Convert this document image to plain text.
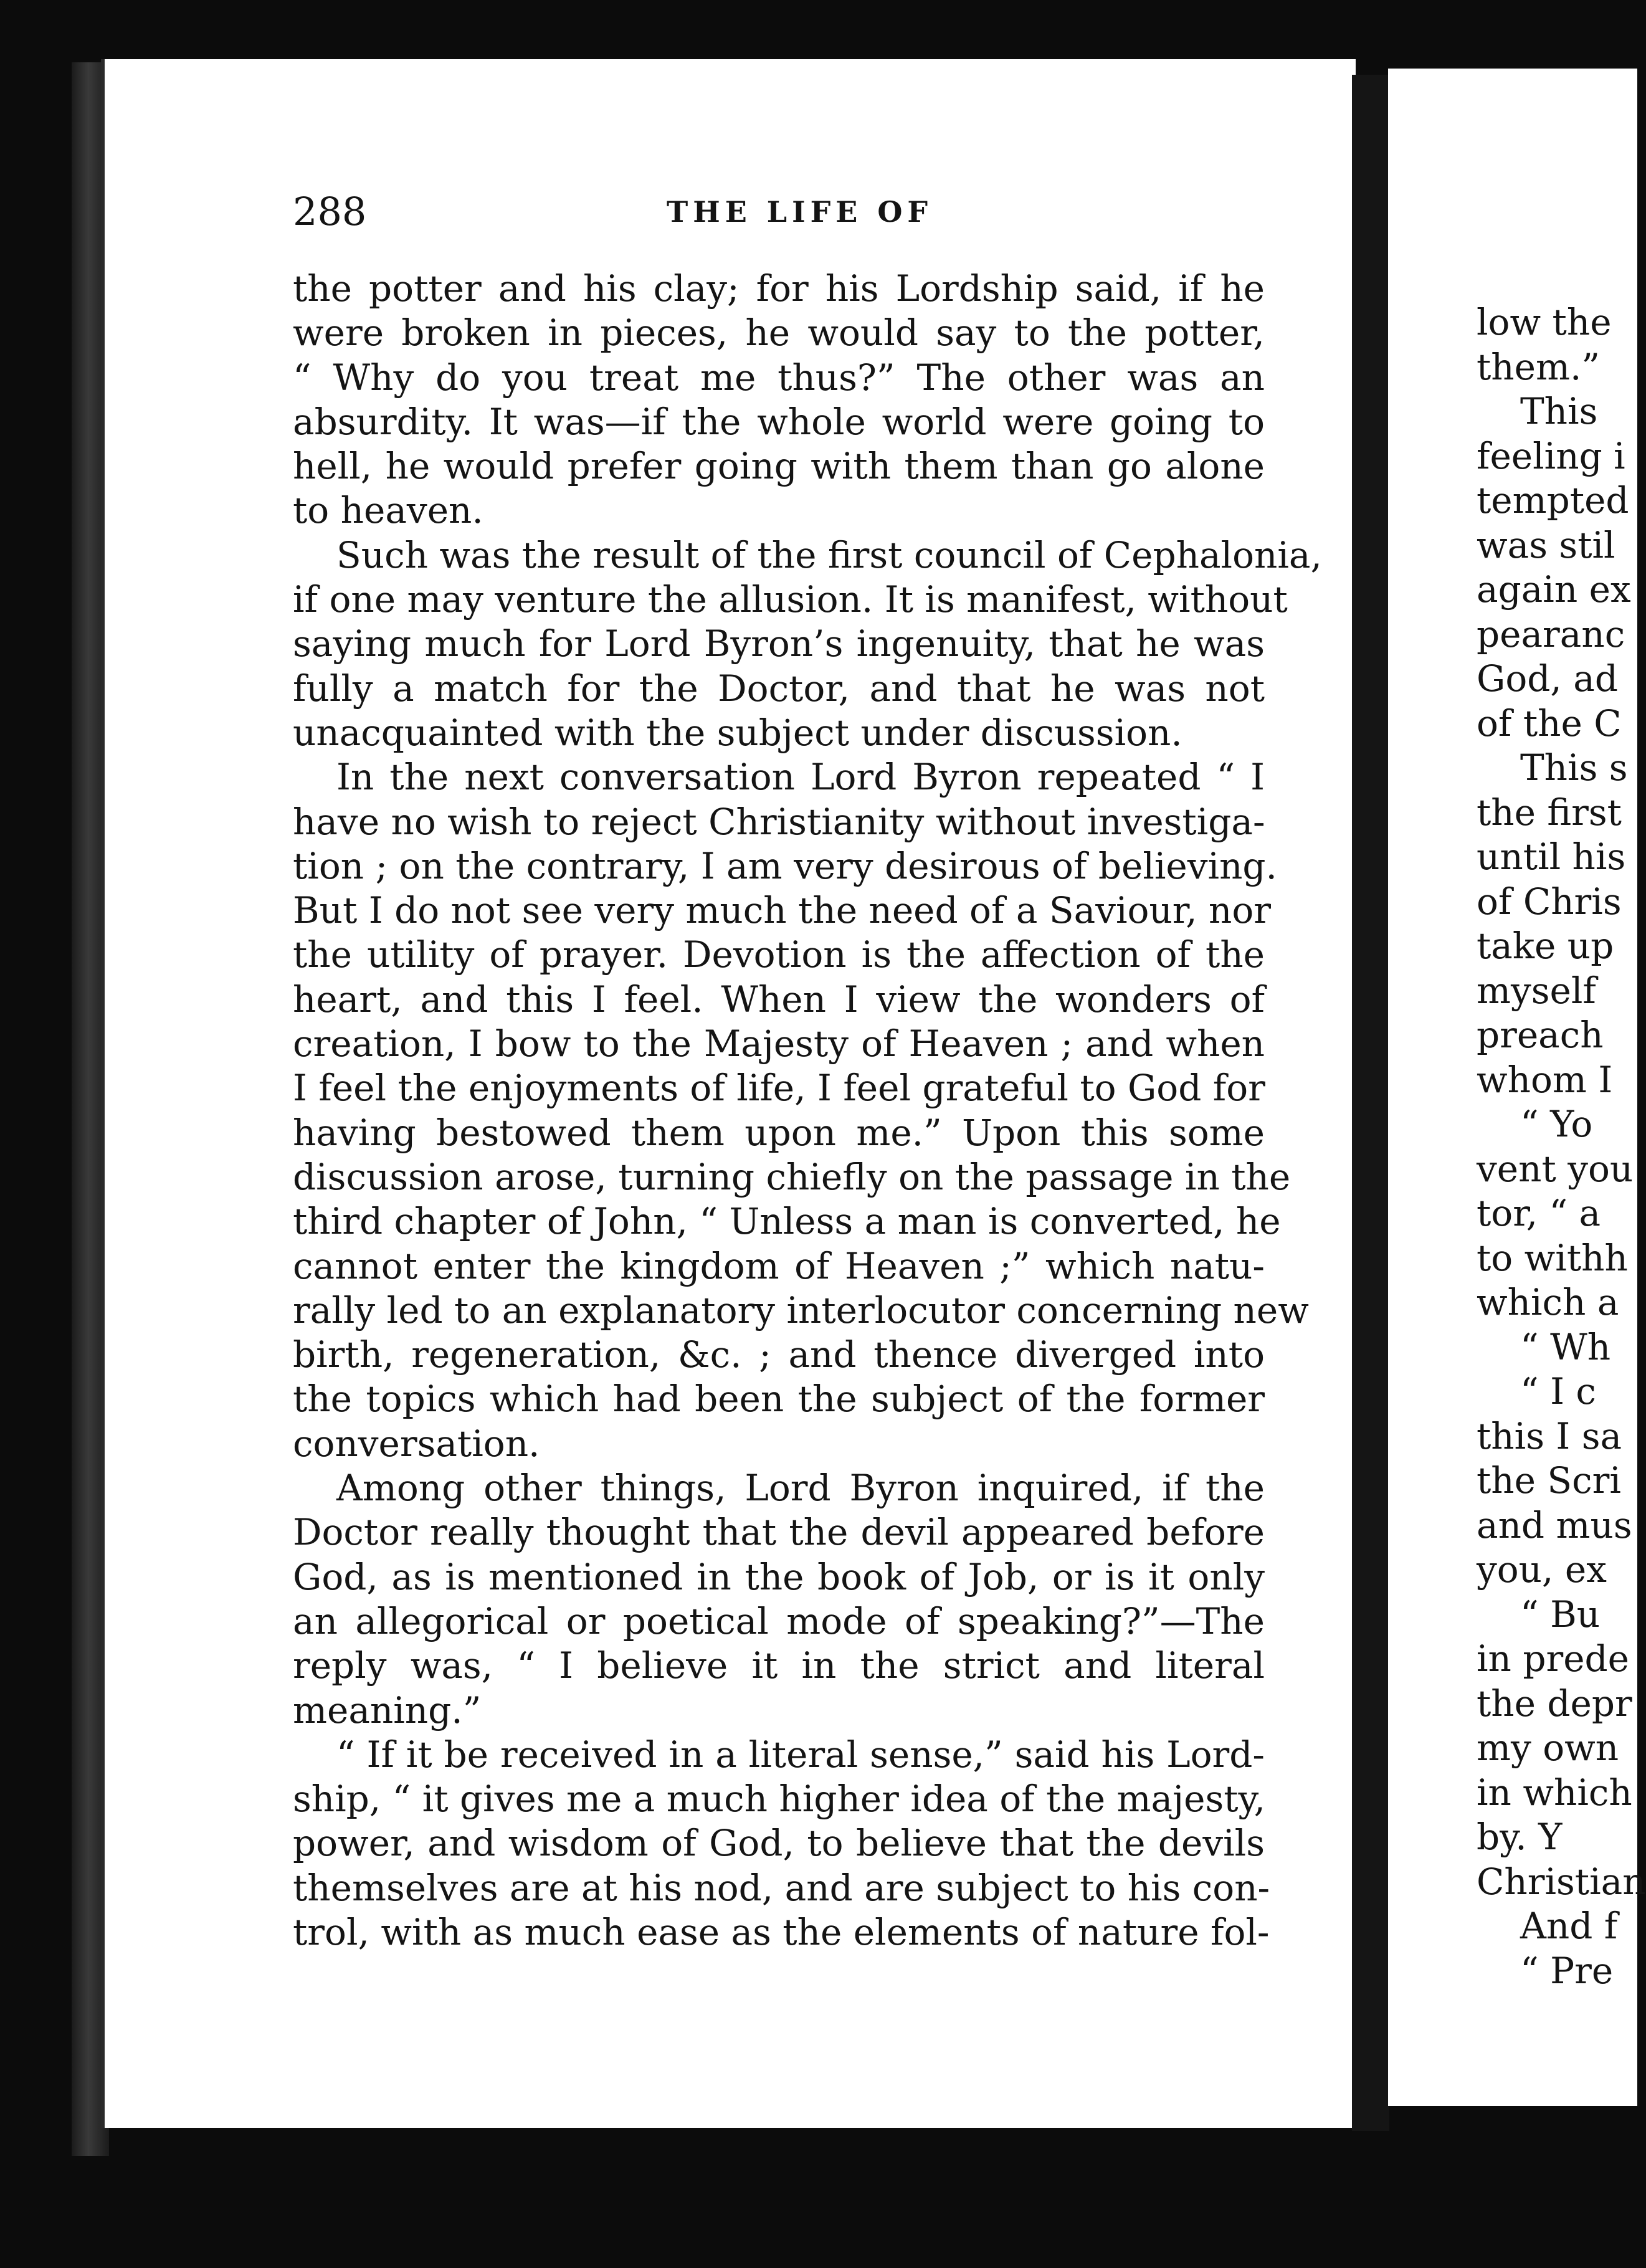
288	THE LIFE OF
the potter and his clay; for his Lordship said, if he
were broken in pieces, he would say to the potter,
“ Why do you treat me thus?” The other was an
absurdity. It was—if the whole world were going to
hell, he would prefer going with them than go alone
to heaven.
Such was the result of the first council of Cephalonia,
if one may venture the allusion. It is manifest, without
saying much for Lord Byron’s ingenuity, that he was
fully a match for the Doctor, and that he was not
unacquainted with the subject under discussion.
In the next conversation Lord Byron repeated “ I
have no wish to reject Christianity without investiga-
tion ; on the contrary, I am very desirous of believing.
But I do not see very much the need of a Saviour, nor
the utility of prayer. Devotion is the affection of the
heart, and this I feel. When I view the wonders of
creation, I bow to the Majesty of Heaven ; and when
I feel the enjoyments of life, I feel grateful to God for
having bestowed them upon me.” Upon this some
discussion arose, turning chiefly on the passage in the
third chapter of John, “ Unless a man is converted, he
cannot enter the kingdom of Heaven ;” which natu-
rally led to an explanatory interlocutor concerning new
birth, regeneration, &c. ; and thence diverged into
the topics which had been the subject of the former
conversation.
Among other things, Lord Byron inquired, if the
Doctor really thought that the devil appeared before
God, as is mentioned in the book of Job, or is it only
an allegorical or poetical mode of speaking?”—The
reply was, “ I believe it in the strict and literal
meaning.”
“ If it be received in a literal sense,” said his Lord-
ship, “ it gives me a much higher idea of the majesty,
power, and wisdom of God, to believe that the devils
themselves are at his nod, and are subject to his con-
trol, with as much ease as the elements of nature fol-
low the
them.”
This
feeling i
tempted
was stil
again ex
pearanc
God, ad
of the C
This s
the first
until his
of Chris
take up
myself
preach
whom I
“ Yo
vent you
tor, “ a
to withh
which a
“ Wh
“ I c
this I sa
the Scri
and mus
you, ex
“ Bu
in prede
the depr
my own
in which
by. Y
Christian
And f
“ Pre
